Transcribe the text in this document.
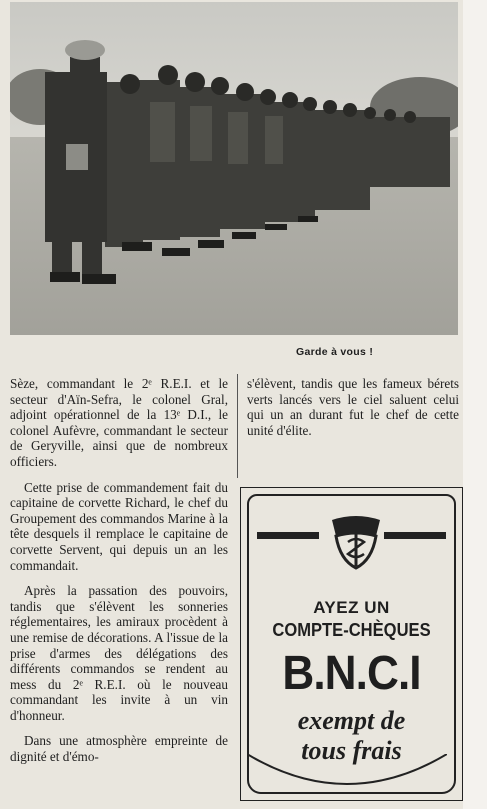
Garde à vous !

Sèze, commandant le 2ᵉ R.E.I. et le secteur d'Aïn-Sefra, le colonel Gral, adjoint opérationnel de la 13ᵉ D.I., le colonel Aufèvre, commandant le secteur de Geryville, ainsi que de nombreux officiers.

Cette prise de commandement fait du capitaine de corvette Richard, le chef du Groupement des commandos Marine à la tête desquels il remplace le capitaine de corvette Servent, qui depuis un an les commandait.

Après la passation des pouvoirs, tandis que s'élèvent les sonneries réglementaires, les amiraux procèdent à une remise de décorations. A l'issue de la prise d'armes des délégations des différents commandos se rendent au mess du 2ᵉ R.E.I. où le nouveau commandant les invite à un vin d'honneur.

Dans une atmosphère empreinte de dignité et d'émo-

s'élèvent, tandis que les fameux bérets verts lancés vers le ciel saluent celui qui un an durant fut le chef de cette unité d'élite.

AYEZ UN
COMPTE-CHÈQUES
B.N.C.I
exempt de
tous frais
